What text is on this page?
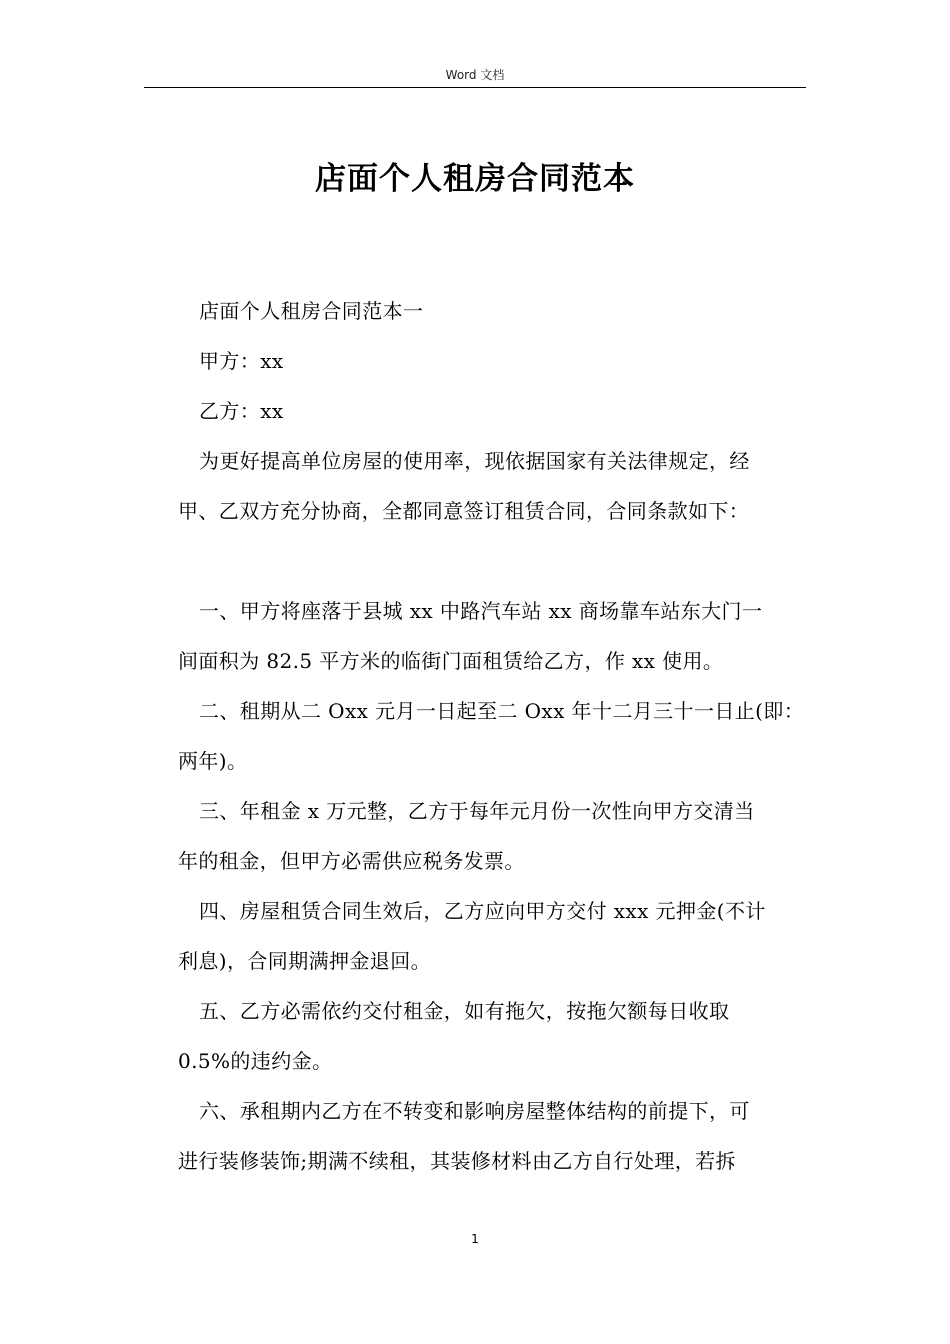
Word 文档
店面个人租房合同范本

店面个人租房合同范本一

甲方：xx

乙方：xx

为更好提高单位房屋的使用率，现依据国家有关法律规定，经
甲、乙双方充分协商，全都同意签订租赁合同，合同条款如下：
一、甲方将座落于县城 xx 中路汽车站 xx 商场靠车站东大门一
间面积为 82.5 平方米的临街门面租赁给乙方，作 xx 使用。
二、租期从二 Oxx 元月一日起至二 Oxx 年十二月三十一日止(即：
两年)。
三、年租金 x 万元整，乙方于每年元月份一次性向甲方交清当
年的租金，但甲方必需供应税务发票。
四、房屋租赁合同生效后，乙方应向甲方交付 xxx 元押金(不计
利息)，合同期满押金退回。
五、乙方必需依约交付租金，如有拖欠，按拖欠额每日收取
0.5%的违约金。
六、承租期内乙方在不转变和影响房屋整体结构的前提下，可
进行装修装饰;期满不续租，其装修材料由乙方自行处理，若拆
1
